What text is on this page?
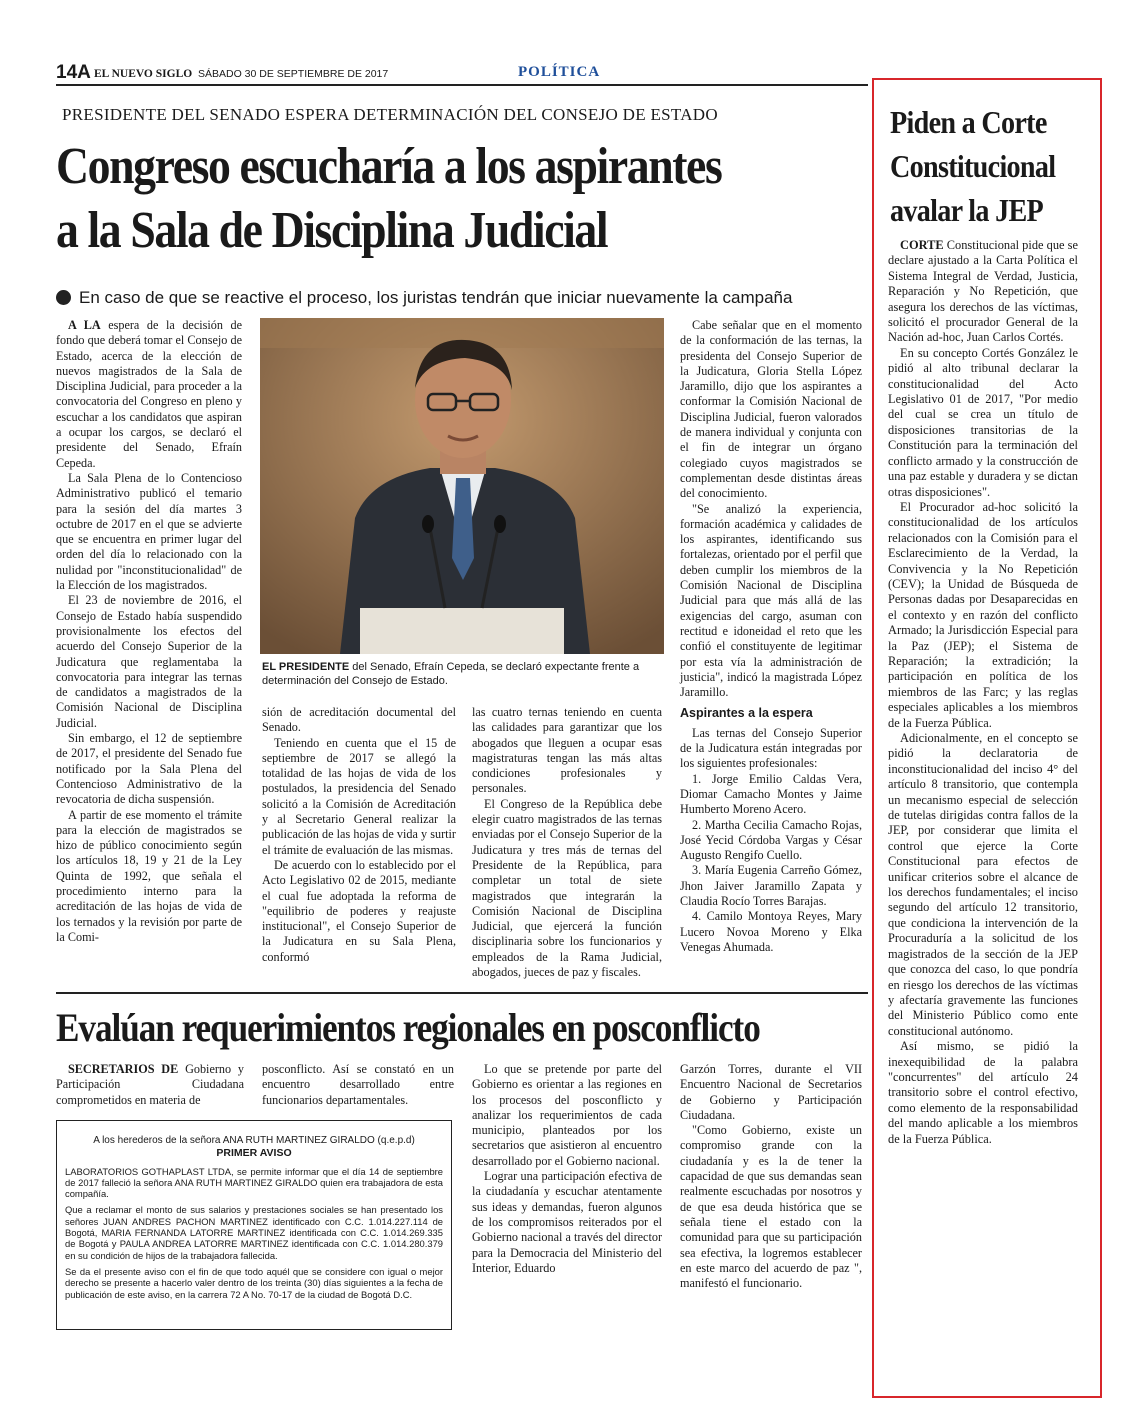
14A EL NUEVO SIGLO SÁBADO 30 DE SEPTIEMBRE DE 2017	POLÍTICA
PRESIDENTE DEL SENADO ESPERA DETERMINACIÓN DEL CONSEJO DE ESTADO
Congreso escucharía a los aspirantes
a la Sala de Disciplina Judicial
En caso de que se reactive el proceso, los juristas tendrán que iniciar nuevamente la campaña

A LA espera de la decisión de fondo que deberá tomar el Consejo de Estado, acerca de la elección de nuevos magistrados de la Sala de Disciplina Judicial, para proceder a la convocatoria del Congreso en pleno y escuchar a los candidatos que aspiran a ocupar los cargos, se declaró el presidente del Senado, Efraín Cepeda.

La Sala Plena de lo Contencioso Administrativo publicó el temario para la sesión del día martes 3 octubre de 2017 en el que se advierte que se encuentra en primer lugar del orden del día lo relacionado con la nulidad por "inconstitucionalidad" de la Elección de los magistrados.

El 23 de noviembre de 2016, el Consejo de Estado había suspendido provisionalmente los efectos del acuerdo del Consejo Superior de la Judicatura que reglamentaba la convocatoria para integrar las ternas de candidatos a magistrados de la Comisión Nacional de Disciplina Judicial.

Sin embargo, el 12 de septiembre de 2017, el presidente del Senado fue notificado por la Sala Plena del Contencioso Administrativo de la revocatoria de dicha suspensión.

A partir de ese momento el trámite para la elección de magistrados se hizo de público conocimiento según los artículos 18, 19 y 21 de la Ley Quinta de 1992, que señala el procedimiento interno para la acreditación de las hojas de vida de los ternados y la revisión por parte de la Comi-

EL PRESIDENTE del Senado, Efraín Cepeda, se declaró expectante frente a determinación del Consejo de Estado.

sión de acreditación documental del Senado.

Teniendo en cuenta que el 15 de septiembre de 2017 se allegó la totalidad de las hojas de vida de los postulados, la presidencia del Senado solicitó a la Comisión de Acreditación y al Secretario General realizar la publicación de las hojas de vida y surtir el trámite de evaluación de las mismas.

De acuerdo con lo establecido por el Acto Legislativo 02 de 2015, mediante el cual fue adoptada la reforma de "equilibrio de poderes y reajuste institucional", el Consejo Superior de la Judicatura en su Sala Plena, conformó

las cuatro ternas teniendo en cuenta las calidades para garantizar que los abogados que lleguen a ocupar esas magistraturas tengan las más altas condiciones profesionales y personales.

El Congreso de la República debe elegir cuatro magistrados de las ternas enviadas por el Consejo Superior de la Judicatura y tres más de ternas del Presidente de la República, para completar un total de siete magistrados que integrarán la Comisión Nacional de Disciplina Judicial, que ejercerá la función disciplinaria sobre los funcionarios y empleados de la Rama Judicial, abogados, jueces de paz y fiscales.

Cabe señalar que en el momento de la conformación de las ternas, la presidenta del Consejo Superior de la Judicatura, Gloria Stella López Jaramillo, dijo que los aspirantes a conformar la Comisión Nacional de Disciplina Judicial, fueron valorados de manera individual y conjunta con el fin de integrar un órgano colegiado cuyos magistrados se complementan desde distintas áreas del conocimiento.

"Se analizó la experiencia, formación académica y calidades de los aspirantes, identificando sus fortalezas, orientado por el perfil que deben cumplir los miembros de la Comisión Nacional de Disciplina Judicial para que más allá de las exigencias del cargo, asuman con rectitud e idoneidad el reto que les confió el constituyente de legitimar por esta vía la administración de justicia", indicó la magistrada López Jaramillo.

Aspirantes a la espera

Las ternas del Consejo Superior de la Judicatura están integradas por los siguientes profesionales:

1. Jorge Emilio Caldas Vera, Diomar Camacho Montes y Jaime Humberto Moreno Acero.

2. Martha Cecilia Camacho Rojas, José Yecid Córdoba Vargas y César Augusto Rengifo Cuello.

3. María Eugenia Carreño Gómez, Jhon Jaiver Jaramillo Zapata y Claudia Rocío Torres Barajas.

4. Camilo Montoya Reyes, Mary Lucero Novoa Moreno y Elka Venegas Ahumada.

Evalúan requerimientos regionales en posconflicto

SECRETARIOS DE Gobierno y Participación Ciudadana comprometidos en materia de

posconflicto. Así se constató en un encuentro desarrollado entre funcionarios departamentales.

Lo que se pretende por parte del Gobierno es orientar a las regiones en los procesos del posconflicto y analizar los requerimientos de cada municipio, planteados por los secretarios que asistieron al encuentro desarrollado por el Gobierno nacional.

Lograr una participación efectiva de la ciudadanía y escuchar atentamente sus ideas y demandas, fueron algunos de los compromisos reiterados por el Gobierno nacional a través del director para la Democracia del Ministerio del Interior, Eduardo

Garzón Torres, durante el VII Encuentro Nacional de Secretarios de Gobierno y Participación Ciudadana.

"Como Gobierno, existe un compromiso grande con la ciudadanía y es la de tener la capacidad de que sus demandas sean realmente escuchadas por nosotros y de que esa deuda histórica que se señala tiene el estado con la comunidad para que su participación sea efectiva, la logremos establecer en este marco del acuerdo de paz ", manifestó el funcionario.

A los herederos de la señora ANA RUTH MARTINEZ GIRALDO (q.e.p.d)
PRIMER AVISO
LABORATORIOS GOTHAPLAST LTDA, se permite informar que el día 14 de septiembre de 2017 falleció la señora ANA RUTH MARTINEZ GIRALDO quien era trabajadora de esta compañía.
Que a reclamar el monto de sus salarios y prestaciones sociales se han presentado los señores JUAN ANDRES PACHON MARTINEZ identificado con C.C. 1.014.227.114 de Bogotá, MARIA FERNANDA LATORRE MARTINEZ identificada con C.C. 1.014.269.335 de Bogotá y PAULA ANDREA LATORRE MARTINEZ identificada con C.C. 1.014.280.379 en su condición de hijos de la trabajadora fallecida.
Se da el presente aviso con el fin de que todo aquél que se considere con igual o mejor derecho se presente a hacerlo valer dentro de los treinta (30) días siguientes a la fecha de publicación de este aviso, en la carrera 72 A No. 70-17 de la ciudad de Bogotá D.C.
Piden a Corte
Constitucional
avalar la JEP

CORTE Constitucional pide que se declare ajustado a la Carta Política el Sistema Integral de Verdad, Justicia, Reparación y No Repetición, que asegura los derechos de las víctimas, solicitó el procurador General de la Nación ad-hoc, Juan Carlos Cortés.

En su concepto Cortés González le pidió al alto tribunal declarar la constitucionalidad del Acto Legislativo 01 de 2017, "Por medio del cual se crea un título de disposiciones transitorias de la Constitución para la terminación del conflicto armado y la construcción de una paz estable y duradera y se dictan otras disposiciones".

El Procurador ad-hoc solicitó la constitucionalidad de los artículos relacionados con la Comisión para el Esclarecimiento de la Verdad, la Convivencia y la No Repetición (CEV); la Unidad de Búsqueda de Personas dadas por Desaparecidas en el contexto y en razón del conflicto Armado; la Jurisdicción Especial para la Paz (JEP); el Sistema de Reparación; la extradición; la participación en política de los miembros de las Farc; y las reglas especiales aplicables a los miembros de la Fuerza Pública.

Adicionalmente, en el concepto se pidió la declaratoria de inconstitucionalidad del inciso 4° del artículo 8 transitorio, que contempla un mecanismo especial de selección de tutelas dirigidas contra fallos de la JEP, por considerar que limita el control que ejerce la Corte Constitucional para efectos de unificar criterios sobre el alcance de los derechos fundamentales; el inciso segundo del artículo 12 transitorio, que condiciona la intervención de la Procuraduría a la solicitud de los magistrados de la sección de la JEP que conozca del caso, lo que pondría en riesgo los derechos de las víctimas y afectaría gravemente las funciones del Ministerio Público como ente constitucional autónomo.

Así mismo, se pidió la inexequibilidad de la palabra "concurrentes" del artículo 24 transitorio sobre el control efectivo, como elemento de la responsabilidad del mando aplicable a los miembros de la Fuerza Pública.
